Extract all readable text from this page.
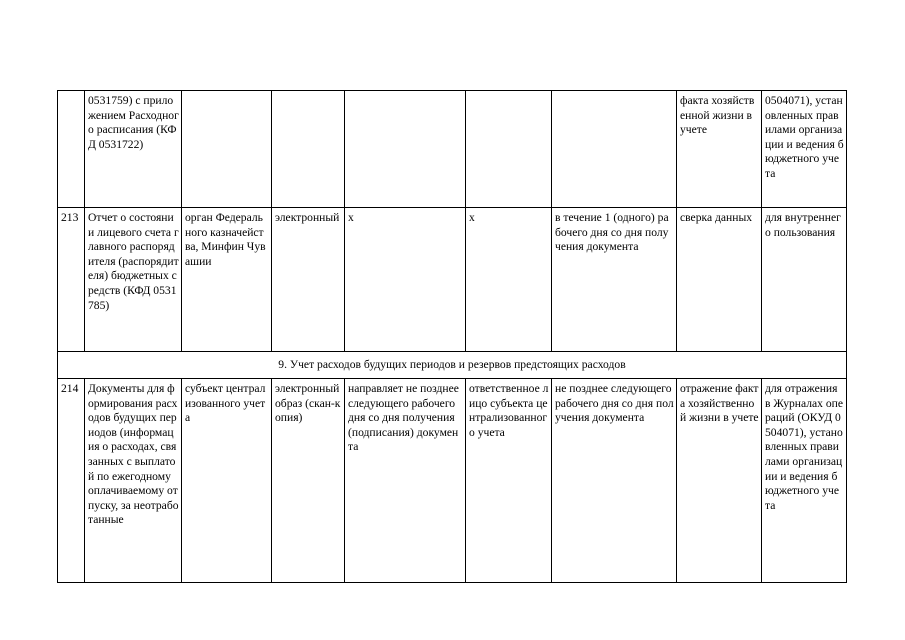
	0531759) с приложением Расходного расписания (КФД 0531722)						факта хозяйственной жизни в учете	0504071), установленных правилами организации и ведения бюджетного учета
213	Отчет о состоянии лицевого счета главного распорядителя (распорядителя) бюджетных средств (КФД 0531785)	орган Федерального казначейства, Минфин Чувашии	электронный	х	х	в течение 1 (одного) рабочего дня со дня получения документа	сверка данных	для внутреннего пользования
9. Учет расходов будущих периодов и резервов предстоящих расходов								
214	Документы для формирования расходов будущих периодов (информация о расходах, связанных с выплатой по ежегодному оплачиваемому отпуску, за неотработанные	субъект централизованного учета	электронный образ (скан-копия)	направляет не позднее следующего рабочего дня со дня получения (подписания) документа	ответственное лицо субъекта централизованного учета	не позднее следующего рабочего дня со дня получения документа	отражение факта хозяйственной жизни в учете	для отражения в Журналах операций (ОКУД 0504071), установленных правилами организации и ведения бюджетного учета
